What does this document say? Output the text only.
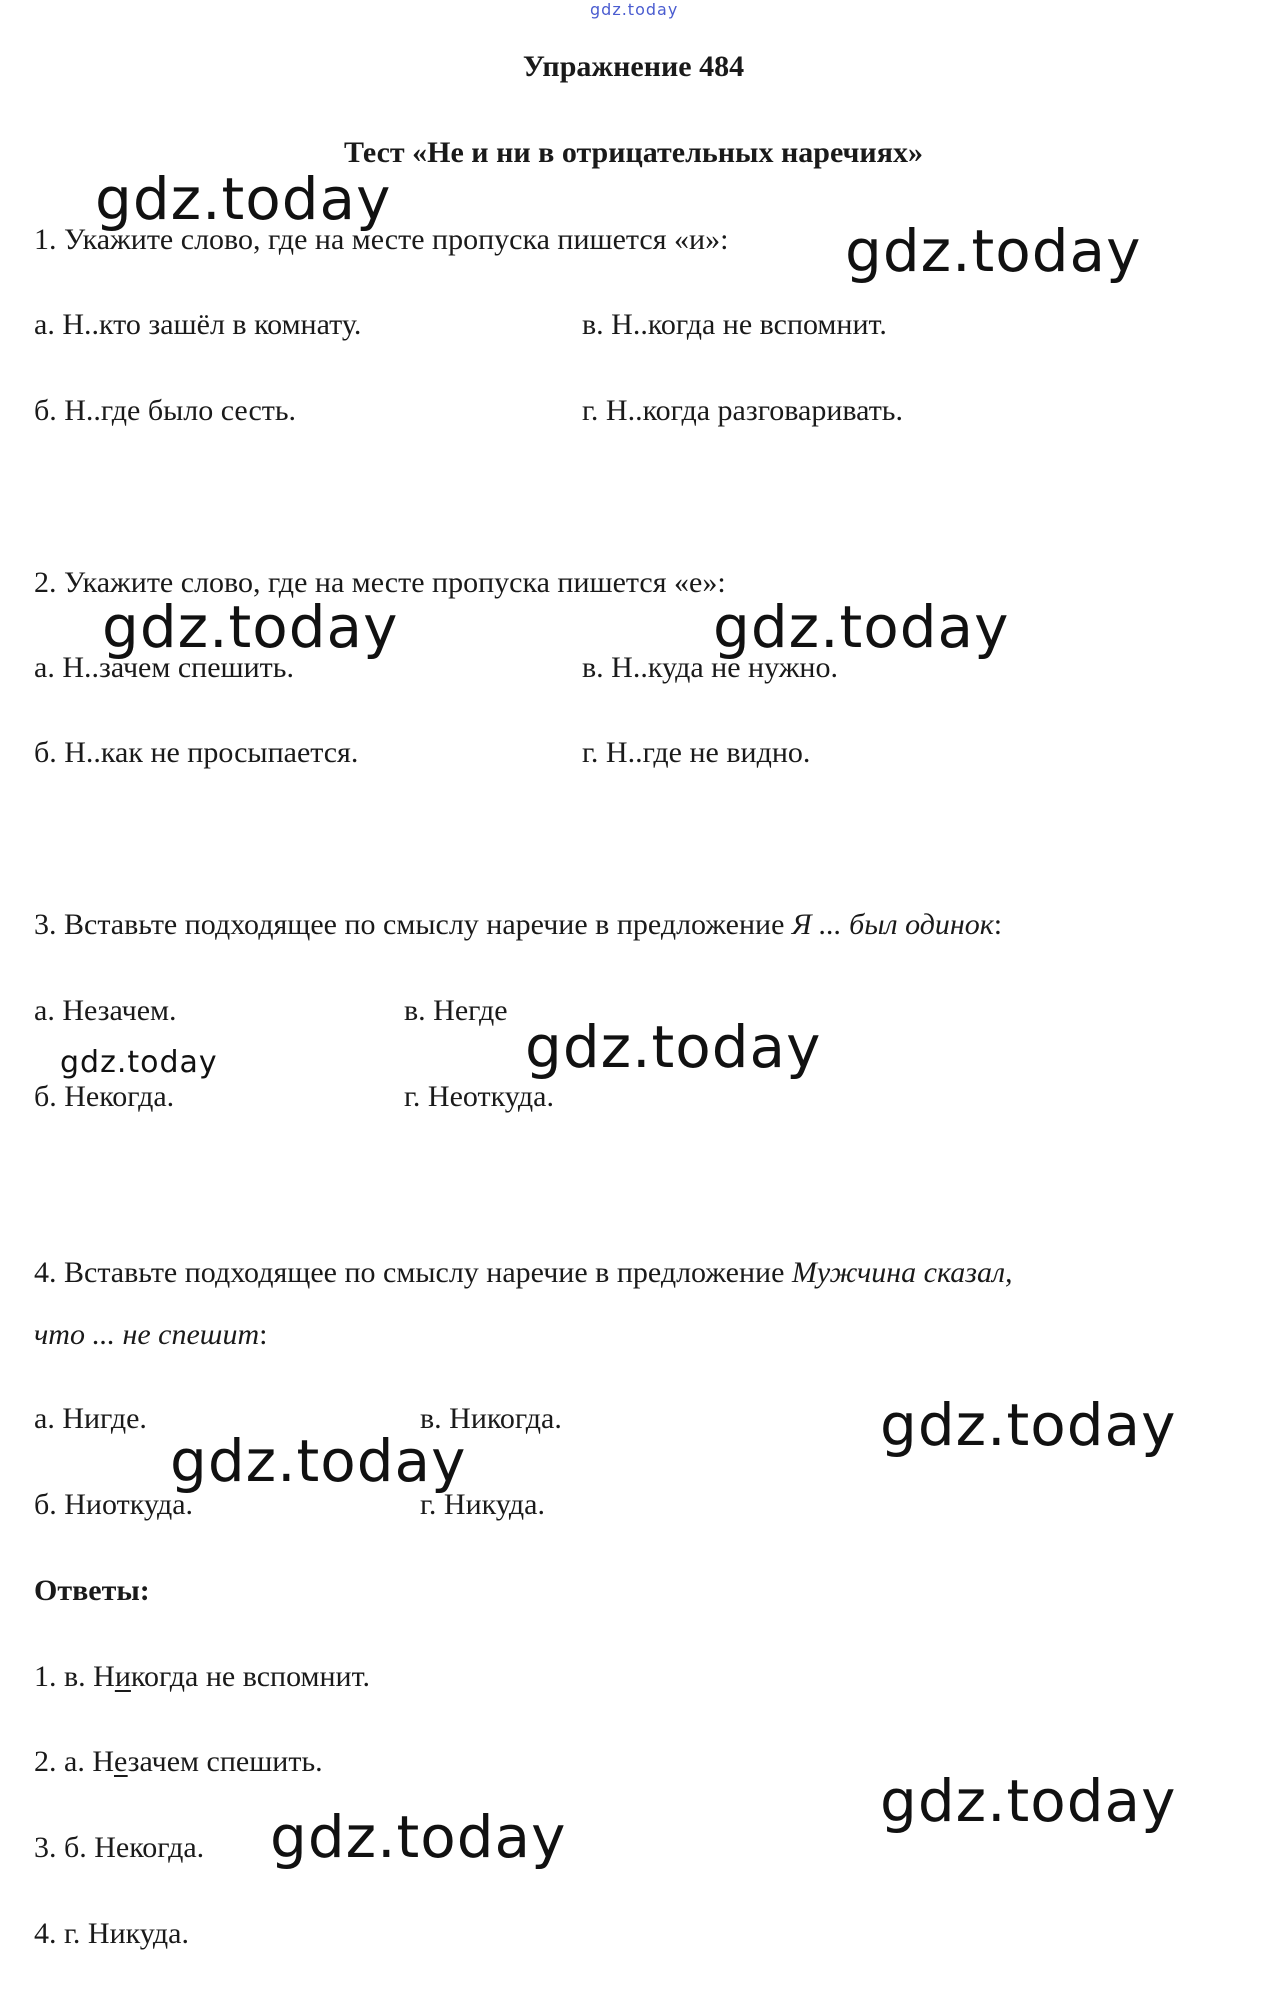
gdz.today
Упражнение 484
Тест «Не и ни в отрицательных наречиях»
1. Укажите слово, где на месте пропуска пишется «и»:
а. Н..кто зашёл в комнату.	в. Н..когда не вспомнит.
б. Н..где было сесть.	г. Н..когда разговаривать.
2. Укажите слово, где на месте пропуска пишется «е»:
а. Н..зачем спешить.	в. Н..куда не нужно.
б. Н..как не просыпается.	г. Н..где не видно.
3. Вставьте подходящее по смыслу наречие в предложение Я ... был одинок:
а. Незачем.	в. Негде
б. Некогда.	г. Неоткуда.
4. Вставьте подходящее по смыслу наречие в предложение Мужчина сказал,
что ... не спешит:
а. Нигде.	в. Никогда.
б. Ниоткуда.	г. Никуда.
Ответы:
1. в. Никогда не вспомнит.
2. а. Незачем спешить.
3. б. Некогда.
4. г. Никуда.
gdz.today
gdz.today
gdz.today	gdz.today
gdz.today	gdz.today
gdz.today
gdz.today
gdz.today
gdz.today
